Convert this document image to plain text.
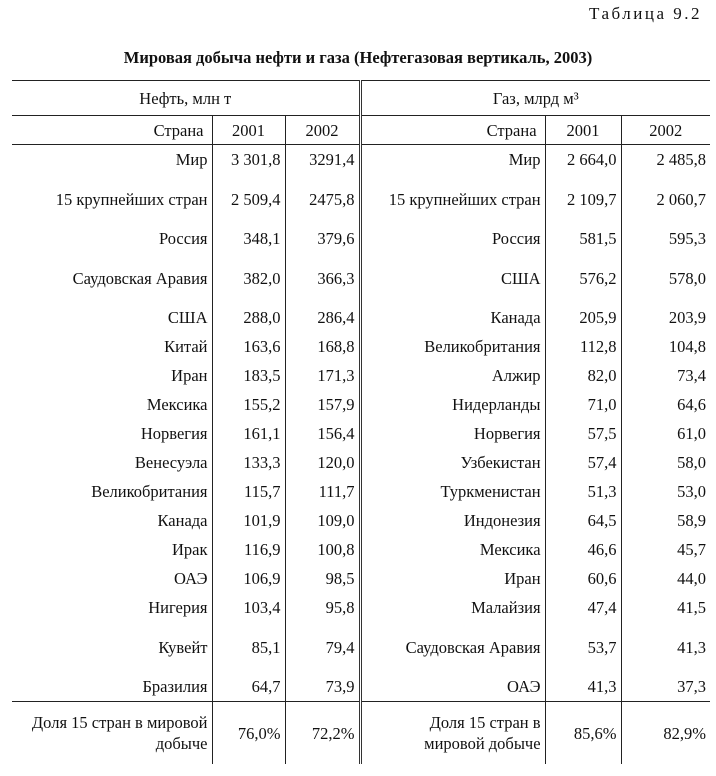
Таблица 9.2
Мировая добыча нефти и газа (Нефтегазовая вертикаль, 2003)
Нефть, млн т			Газ, млрд м³		
Страна	2001	2002	Страна	2001	2002
Мир	3 301,8	3291,4	Мир	2 664,0	2 485,8
15 крупнейших стран	2 509,4	2475,8	15 крупнейших стран	2 109,7	2 060,7
Россия	348,1	379,6	Россия	581,5	595,3
Саудовская Аравия	382,0	366,3	США	576,2	578,0
США	288,0	286,4	Канада	205,9	203,9
Китай	163,6	168,8	Великобритания	112,8	104,8
Иран	183,5	171,3	Алжир	82,0	73,4
Мексика	155,2	157,9	Нидерланды	71,0	64,6
Норвегия	161,1	156,4	Норвегия	57,5	61,0
Венесуэла	133,3	120,0	Узбекистан	57,4	58,0
Великобритания	115,7	111,7	Туркменистан	51,3	53,0
Канада	101,9	109,0	Индонезия	64,5	58,9
Ирак	116,9	100,8	Мексика	46,6	45,7
ОАЭ	106,9	98,5	Иран	60,6	44,0
Нигерия	103,4	95,8	Малайзия	47,4	41,5
Кувейт	85,1	79,4	Саудовская Аравия	53,7	41,3
Бразилия	64,7	73,9	ОАЭ	41,3	37,3
Доля 15 стран в мировой добыче	76,0%	72,2%	Доля 15 стран в мировой добыче	85,6%	82,9%
